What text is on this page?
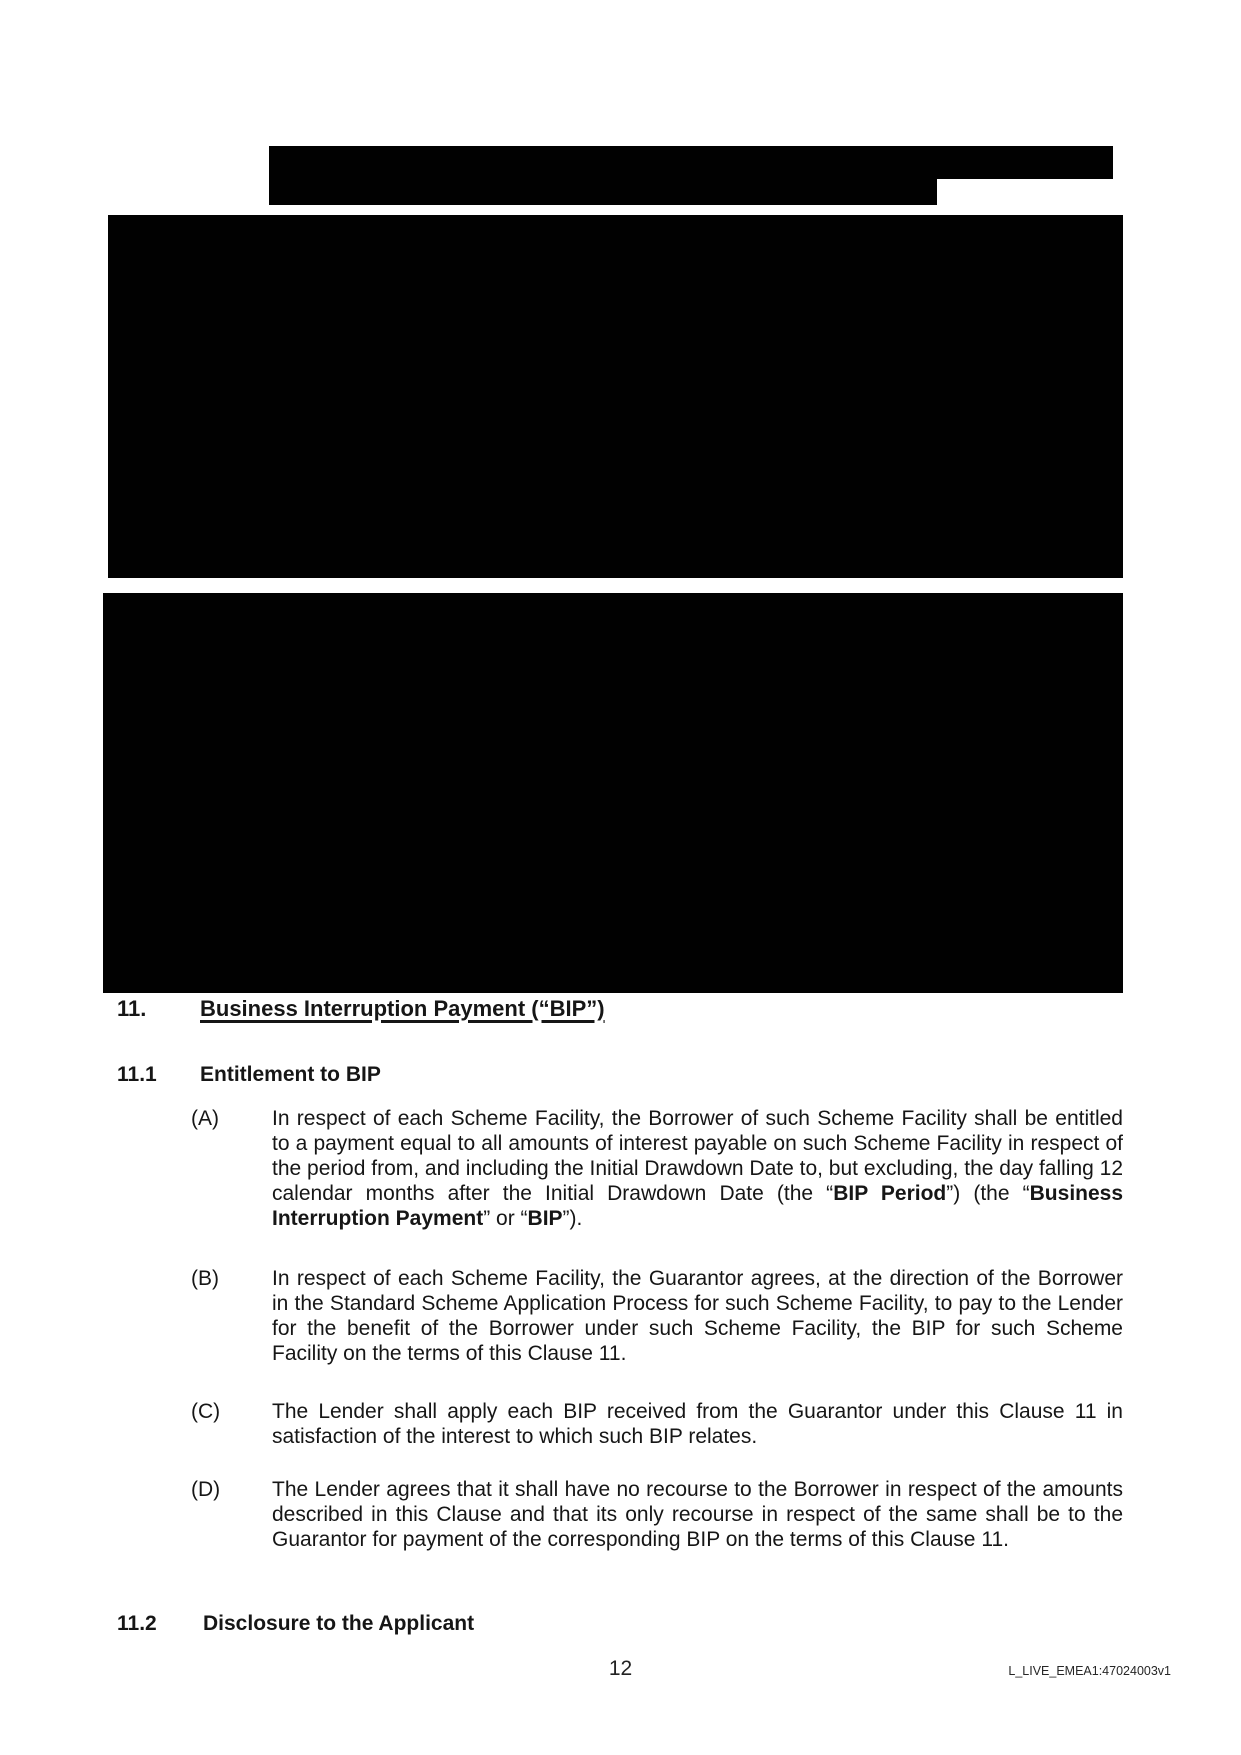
11. Business Interruption Payment (“BIP”)
11.1 Entitlement to BIP
(A)	In respect of each Scheme Facility, the Borrower of such Scheme Facility shall be entitled to a payment equal to all amounts of interest payable on such Scheme Facility in respect of the period from, and including the Initial Drawdown Date to, but excluding, the day falling 12 calendar months after the Initial Drawdown Date (the “BIP Period”) (the “Business Interruption Payment” or “BIP”).
(B)	In respect of each Scheme Facility, the Guarantor agrees, at the direction of the Borrower in the Standard Scheme Application Process for such Scheme Facility, to pay to the Lender for the benefit of the Borrower under such Scheme Facility, the BIP for such Scheme Facility on the terms of this Clause 11.
(C) The Lender shall apply each BIP received from the Guarantor under this Clause 11 in satisfaction of the interest to which such BIP relates.
(D) The Lender agrees that it shall have no recourse to the Borrower in respect of the amounts described in this Clause and that its only recourse in respect of the same shall be to the Guarantor for payment of the corresponding BIP on the terms of this Clause 11.
11.2 Disclosure to the Applicant
12	L_LIVE_EMEA1:47024003v1
